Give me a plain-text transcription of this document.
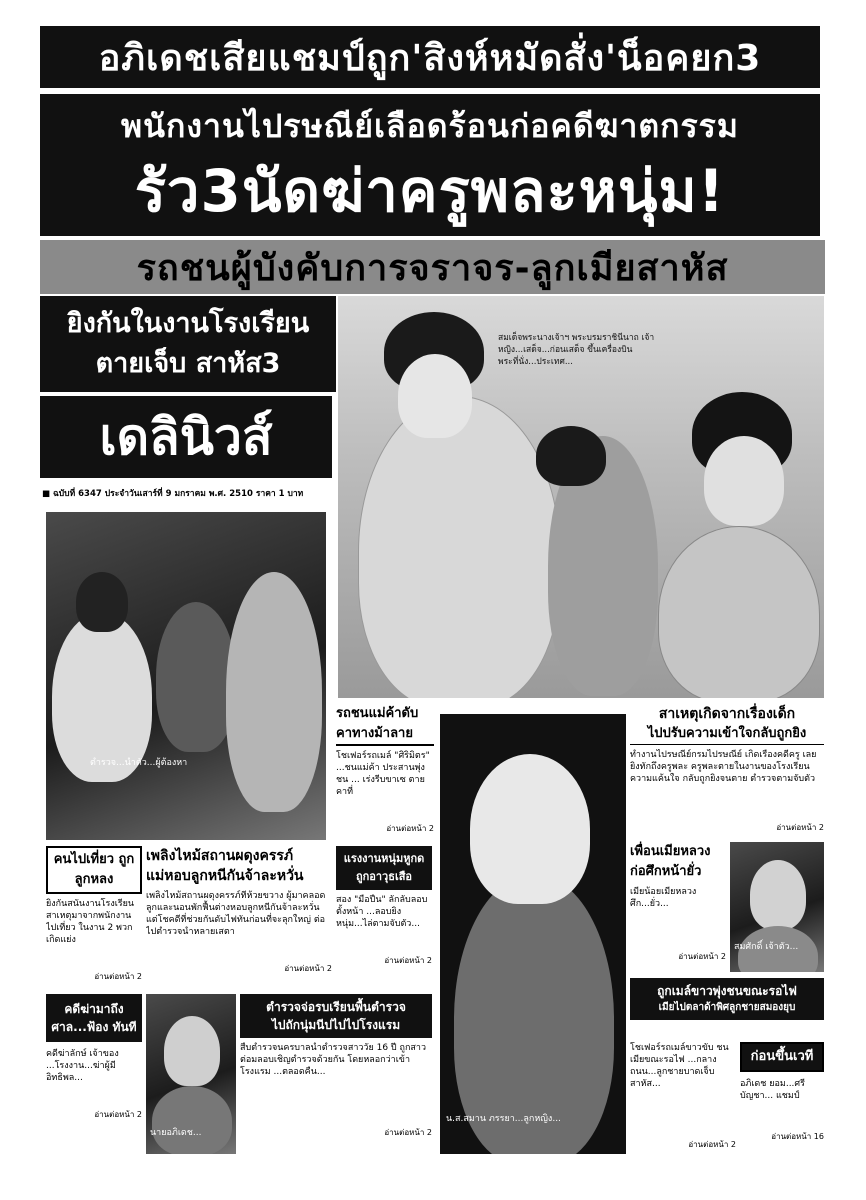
อภิเดชเสียแชมป์ถูก'สิงห์หมัดสั่ง'น็อคยก3
พนักงานไปรษณีย์เลือดร้อนก่อคดีฆาตกรรม
รัว3นัดฆ่าครูพละหนุ่ม!
รถชนผู้บังคับการจราจร-ลูกเมียสาหัส
ยิงกันในงานโรงเรียน
ตายเจ็บ สาหัส3
เดลินิวส์
■ ฉบับที่ 6347 ประจำวันเสาร์ที่ 9 มกราคม พ.ศ. 2510 ราคา 1 บาท
สมเด็จพระนางเจ้าฯ พระบรมราชินีนาถ เจ้าหญิง...เสด็จ...ก่อนเสด็จ ขึ้นเครื่องบินพระที่นั่ง...ประเทศ...
ตำรวจ...นำตัว...ผู้ต้องหา
รถชนแม่ค้าดับ คาทางม้าลาย
โชเฟอร์รถเมล์ "ศิริมิตร" ...ชนแม่ค้า ประสานพุ่งชน ... เร่งรีบขาเซ ตายคาที่
อ่านต่อหน้า 2
น.ส.สมาน ภรรยา...ลูกหญิง...
สาเหตุเกิดจากเรื่องเด็ก
ไปปรับความเข้าใจกลับถูกยิง
ทำงานไปรษณีย์กรมไปรษณีย์ เกิดเรื่องคดีครู เลยยิงทักถึงครูพละ ครูพละตายในงานของโรงเรียน ความแค้นใจ กลับถูกยิงจนตาย ตำรวจตามจับตัว
อ่านต่อหน้า 2
เพื่อนเมียหลวง ก่อศึกหน้ายั่ว
เมียน้อยเมียหลวง ศึก...ยั่ว...
อ่านต่อหน้า 2
สมศักดิ์ เจ้าตัว...
คนไปเที่ยว ถูกลูกหลง
ยิงกันสนั่นงานโรงเรียน สาเหตุมาจากพนักงาน ไปเที่ยว ในงาน 2 พวกเกิดแย่ง
อ่านต่อหน้า 2
เพลิงไหม้สถานผดุงครรภ์
แม่หอบลูกหนีกันจ้าละหวั่น
เพลิงไหม้สถานผดุงครรภ์ที่ห้วยขวาง ผู้มาคลอดลูกและนอนพักฟื้นต่างหอบลูกหนีกันจ้าละหวั่น แต่โชคดีที่ช่วยกันดับไฟทันก่อนที่จะลุกใหญ่ ต่อไปตำรวจนำหลายเสตา
อ่านต่อหน้า 2
แรงงานหนุ่มหูกด ถูกอาวุธเสือ
สอง "มือปืน" ลักลับลอบ ตั้งหน้า ...ลอบยิงหนุ่ม...ไล่ตามจับตัว...
อ่านต่อหน้า 2
คดีฆ่ามาถึง ศาล...ฟ้อง ทันที
คดีฆ่าลักษ์ เจ้าของ ...โรงงาน...ฆ่าผู้มีอิทธิพล...
อ่านต่อหน้า 2
นายอภิเดช...
ตำรวจจ่อรบเรียนพื้นตำรวจ
ไปถักนุ่มนีปไปไปโรงแรม
สืบตำรวจนครบาลนำตำรวจสาววัย 16 ปี ถูกสาวต่อมลอบเชิญตำรวจด้วยกัน โดยหลอกว่าเข้าโรงแรม ...ตลอดคืน...
อ่านต่อหน้า 2
ถูกเมล์ขาวพุ่งชนขณะรอไฟ
เมียไปตลาด้าพิศลูกชายสมองยุบ
โชเฟอร์รถเมล์ขาวขับ ชนเมียขณะรอไฟ ...กลางถนน...ลูกชายบาดเจ็บสาหัส...
อ่านต่อหน้า 2
ก่อนขึ้นเวที
อภิเดช ยอม...ศรีบัญชา... แชมป์
อ่านต่อหน้า 16
